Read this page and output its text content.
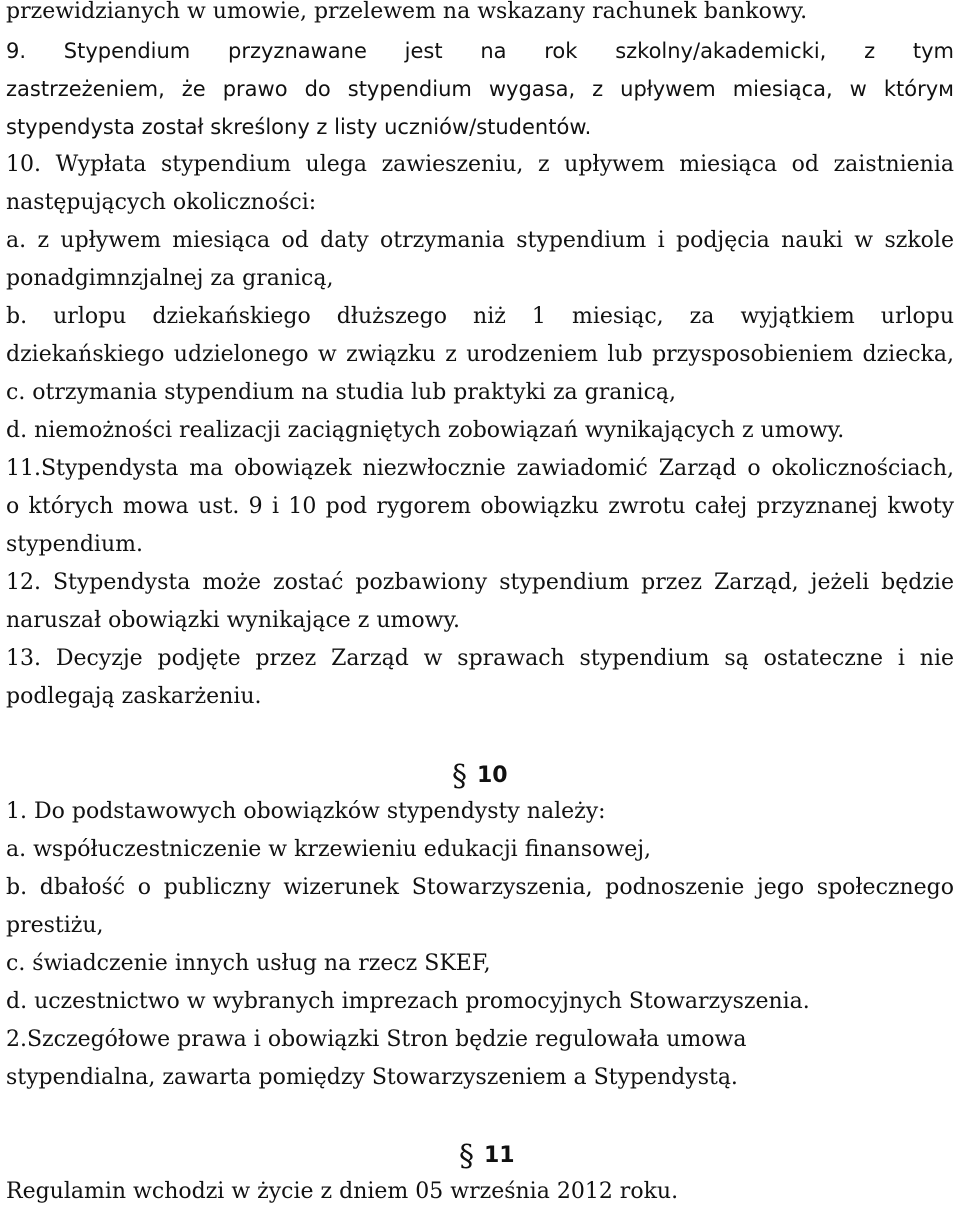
przewidzianych w umowie, przelewem na wskazany rachunek bankowy.
9. Stypendium przyznawane jest na rok szkolny/akademicki, z tym
zastrzeżeniem, że prawo do stypendium wygasa, z upływem miesiąca, w któryм
stypendysta został skreślony z listy uczniów/studentów.
10. Wypłata stypendium ulega zawieszeniu, z upływem miesiąca od zaistnienia
następujących okoliczności:
a. z upływem miesiąca od daty otrzymania stypendium i podjęcia nauki w szkole
ponadgimnzjalnej za granicą,
b. urlopu dziekańskiego dłuższego niż 1 miesiąc, za wyjątkiem urlopu
dziekańskiego udzielonego w związku z urodzeniem lub przysposobieniem dziecka,
c. otrzymania stypendium na studia lub praktyki za granicą,
d. niemożności realizacji zaciągniętych zobowiązań wynikających z umowy.
11.Stypendysta ma obowiązek niezwłocznie zawiadomić Zarząd o okolicznościach,
o których mowa ust. 9 i 10 pod rygorem obowiązku zwrotu całej przyznanej kwoty
stypendium.
12. Stypendysta może zostać pozbawiony stypendium przez Zarząd, jeżeli będzie
naruszał obowiązki wynikające z umowy.
13. Decyzje podjęte przez Zarząd w sprawach stypendium są ostateczne i nie
podlegają zaskarżeniu.
§ 10
1. Do podstawowych obowiązków stypendysty należy:
a. współuczestniczenie w krzewieniu edukacji finansowej,
b. dbałość o publiczny wizerunek Stowarzyszenia, podnoszenie jego społecznego
prestiżu,
c. świadczenie innych usług na rzecz SKEF,
d. uczestnictwo w wybranych imprezach promocyjnych Stowarzyszenia.
2.Szczegółowe prawa i obowiązki Stron będzie regulowała umowa
stypendialna, zawarta pomiędzy Stowarzyszeniem a Stypendystą.
§ 11
Regulamin wchodzi w życie z dniem 05 września 2012 roku.
